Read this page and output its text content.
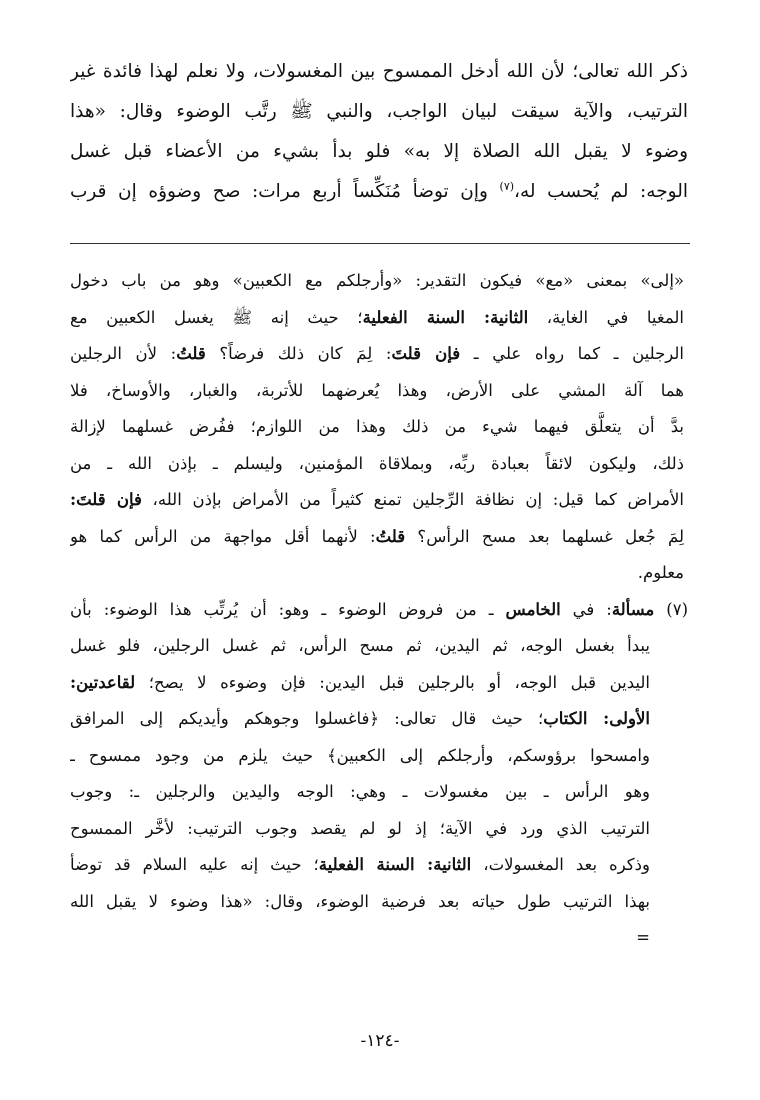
ذكر الله تعالى؛ لأن الله أدخل الممسوح بين المغسولات، ولا نعلم لهذا فائدة غير
الترتيب، والآية سيقت لبيان الواجب، والنبي ﷺ رتَّب الوضوء وقال: «هذا
وضوء لا يقبل الله الصلاة إلا به» فلو بدأ بشيء من الأعضاء قبل غسل
الوجه: لم يُحسب له،$^{(٧)}$ وإن توضأ مُنَكِّساً أربع مرات: صح وضوؤه إن قرب
«إلى» بمعنى «مع» فيكون التقدير: «وأرجلكم مع الكعبين» وهو من باب دخول
المغيا في الغاية، الثانية: السنة الفعلية؛ حيث إنه ﷺ يغسل الكعبين مع
الرجلين ـ كما رواه علي ـ فإن قلتَ: لِمَ كان ذلك فرضاً؟ قلتُ: لأن الرجلين
هما آلة المشي على الأرض، وهذا يُعرضهما للأتربة، والغبار، والأوساخ، فلا
بدَّ أن يتعلَّق فيهما شيء من ذلك وهذا من اللوازم؛ ففُرض غسلهما لإزالة
ذلك، وليكون لائقاً بعبادة ربِّه، وبملاقاة المؤمنين، وليسلم ـ بإذن الله ـ من
الأمراض كما قيل: إن نظافة الرِّجلين تمنع كثيراً من الأمراض بإذن الله، فإن قلتَ:
لِمَ جُعل غسلهما بعد مسح الرأس؟ قلتُ: لأنهما أقل مواجهة من الرأس كما هو
معلوم.
(٧) مسألة: في الخامس ـ من فروض الوضوء ـ وهو: أن يُرتِّب هذا الوضوء: بأن
يبدأ بغسل الوجه، ثم اليدين، ثم مسح الرأس، ثم غسل الرجلين، فلو غسل
اليدين قبل الوجه، أو بالرجلين قبل اليدين: فإن وضوءه لا يصح؛ لقاعدتين:
الأولى: الكتاب؛ حيث قال تعالى: ﴿فاغسلوا وجوهكم وأيديكم إلى المرافق
وامسحوا برؤوسكم، وأرجلكم إلى الكعبين﴾ حيث يلزم من وجود ممسوح ـ
وهو الرأس ـ بين مغسولات ـ وهي: الوجه واليدين والرجلين ـ: وجوب
الترتيب الذي ورد في الآية؛ إذ لو لم يقصد وجوب الترتيب: لأخَّر الممسوح
وذكره بعد المغسولات، الثانية: السنة الفعلية؛ حيث إنه عليه السلام قد توضأ
بهذا الترتيب طول حياته بعد فرضية الوضوء، وقال: «هذا وضوء لا يقبل الله
=
-١٢٤-
